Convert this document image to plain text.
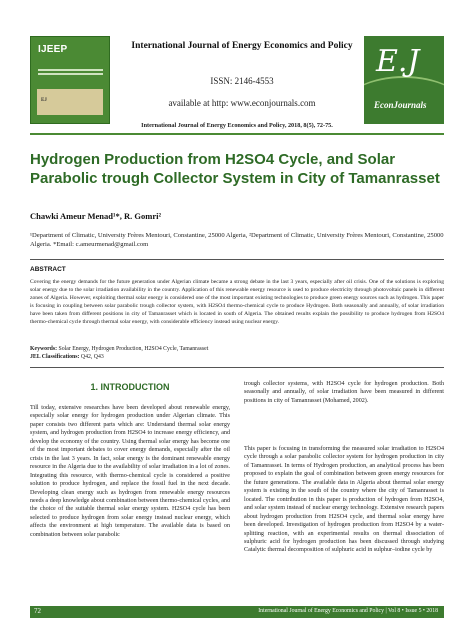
IJEEP
EJ
International Journal of Energy Economics and Policy
ISSN: 2146-4553
available at http: www.econjournals.com
E.J
EconJournals
International Journal of Energy Economics and Policy, 2018, 8(5), 72-75.
Hydrogen Production from H2SO4 Cycle, and Solar Parabolic trough Collector System in City of Tamanrasset
Chawki Ameur Menad¹*, R. Gomri²
¹Department of Climatic, University Frères Mentouri, Constantine, 25000 Algeria, ²Department of Climatic, University Frères Mentouri, Constantine, 25000 Algeria. *Email: c.ameurmenad@gmail.com
ABSTRACT
Covering the energy demands for the future generation under Algerian climate became a strong debate in the last 3 years, especially after oil crisis. One of the solutions is exploring solar energy due to the solar irradiation availability in the country. Application of this renewable energy resource is used to produce electricity through photovoltaic panels in different zones of Algeria. However, exploiting thermal solar energy is considered one of the most important existing technologies to produce green energy sources such as hydrogen. This paper is focusing in coupling between solar parabolic trough collector system, with H2SO4 thermo-chemical cycle to produce Hydrogen. Both seasonally and annually, of solar irradiation have been taken from different positions in city of Tamanrasset which is located in south of Algeria. The obtained results explain the possibility to produce hydrogen from H2SO4 thermo-chemical cycle through thermal solar energy, with considerable efficiency instead using nuclear energy.
Keywords: Solar Energy, Hydrogen Production, H2SO4 Cycle, Tamanrasset
JEL Classifications: Q42, Q43
1. INTRODUCTION
Till today, extensive researches have been developed about renewable energy, especially solar energy for hydrogen production under Algerian climate. This paper consists two different parts which are: Understand thermal solar energy system, and hydrogen production from H2SO4 to increase energy efficiency, and develop the economy of the country. Using thermal solar energy has become one of the most important debates to cover energy demands, especially after the oil crisis in the last 3 years. In fact, solar energy is the dominant renewable energy resource in the Algeria due to the availability of solar irradiation in a lot of zones. Integrating this resource, with thermo-chemical cycle is considered a positive solution to produce hydrogen, and replace the fossil fuel in the next decade. Developing clean energy such as hydrogen from renewable energy resources needs a deep knowledge about combination between thermo-chemical cycles, and the choice of the suitable thermal solar energy system. H2SO4 cycle has been selected to produce hydrogen from solar energy instead nuclear energy, which affects the environment at high temperature. The available data is based on combination between solar parabolic
trough collector systems, with H2SO4 cycle for hydrogen production. Both seasonally and annually, of solar irradiation have been measured in different positions in city of Tamanrasset (Mohamed, 2002).
This paper is focusing in transforming the measured solar irradiation to H2SO4 cycle through a solar parabolic collector system for hydrogen production in city of Tamanrasset. In terms of Hydrogen production, an analytical process has been proposed to explain the goal of combination between green energy resources for the future generations. The available data in Algeria about thermal solar energy system is existing in the south of the country where the city of Tamanrasset is located. The contribution in this paper is production of hydrogen from H2SO4, and solar system instead of nuclear energy technology. Extensive research papers about hydrogen production from H2SO4 cycle, and thermal solar energy have been developed. Investigation of hydrogen production from H2SO4 by a water-splitting reaction, with an experimental results on thermal dissociation of sulphuric acid for hydrogen production has been discussed through studying Catalytic thermal decomposition of sulphuric acid in sulphur–iodine cycle by
72	International Journal of Energy Economics and Policy | Vol 8 • Issue 5 • 2018
